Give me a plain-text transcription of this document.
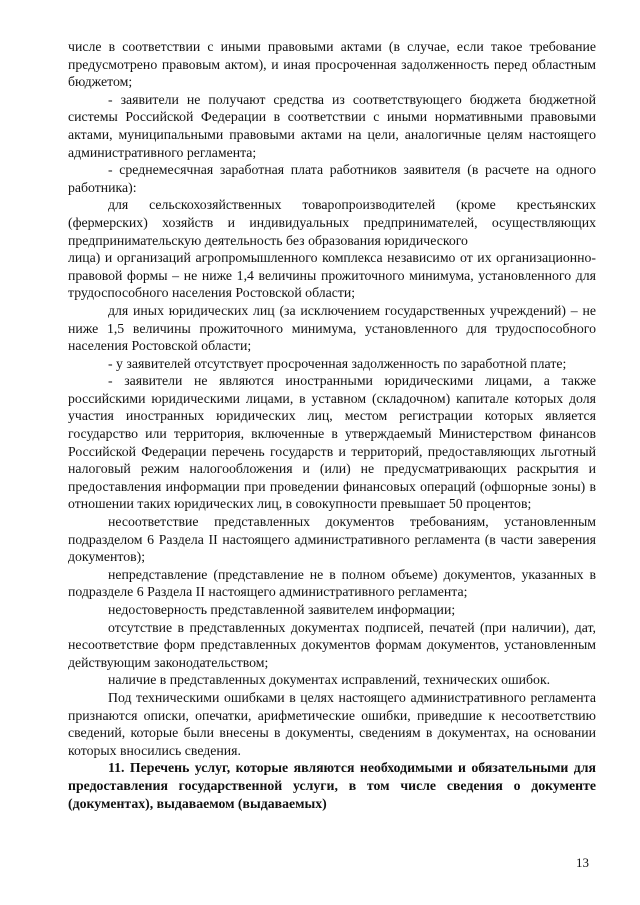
числе в соответствии с иными правовыми актами (в случае, если такое требование предусмотрено правовым актом), и иная просроченная задолженность перед областным бюджетом;

- заявители не получают средства из соответствующего бюджета бюджетной системы Российской Федерации в соответствии с иными нормативными правовыми актами, муниципальными правовыми актами на цели, аналогичные целям настоящего административного регламента;

- среднемесячная заработная плата работников заявителя (в расчете на одного работника):

для сельскохозяйственных товаропроизводителей (кроме крестьянских (фермерских) хозяйств и индивидуальных предпринимателей, осуществляющих предпринимательскую деятельность без образования юридического

лица) и организаций агропромышленного комплекса независимо от их организационно-правовой формы – не ниже 1,4 величины прожиточного минимума, установленного для трудоспособного населения Ростовской области;

для иных юридических лиц (за исключением государственных учреждений) – не ниже 1,5 величины прожиточного минимума, установленного для трудоспособного населения Ростовской области;

- у заявителей отсутствует просроченная задолженность по заработной плате;

- заявители не являются иностранными юридическими лицами, а также российскими юридическими лицами, в уставном (складочном) капитале которых доля участия иностранных юридических лиц, местом регистрации которых является государство или территория, включенные в утверждаемый Министерством финансов Российской Федерации перечень государств и территорий, предоставляющих льготный налоговый режим налогообложения и (или) не предусматривающих раскрытия и предоставления информации при проведении финансовых операций (офшорные зоны) в отношении таких юридических лиц, в совокупности превышает 50 процентов;

несоответствие представленных документов требованиям, установленным подразделом 6 Раздела II настоящего административного регламента (в части заверения документов);

непредставление (представление не в полном объеме) документов, указанных в подразделе 6 Раздела II настоящего административного регламента;

недостоверность представленной заявителем информации;

отсутствие в представленных документах подписей, печатей (при наличии), дат, несоответствие форм представленных документов формам документов, установленным действующим законодательством;

наличие в представленных документах исправлений, технических ошибок.

Под техническими ошибками в целях настоящего административного регламента признаются описки, опечатки, арифметические ошибки, приведшие к несоответствию сведений, которые были внесены в документы, сведениям в документах, на основании которых вносились сведения.

11. Перечень услуг, которые являются необходимыми и обязательными для предоставления государственной услуги, в том числе сведения о документе (документах), выдаваемом (выдаваемых)

13
